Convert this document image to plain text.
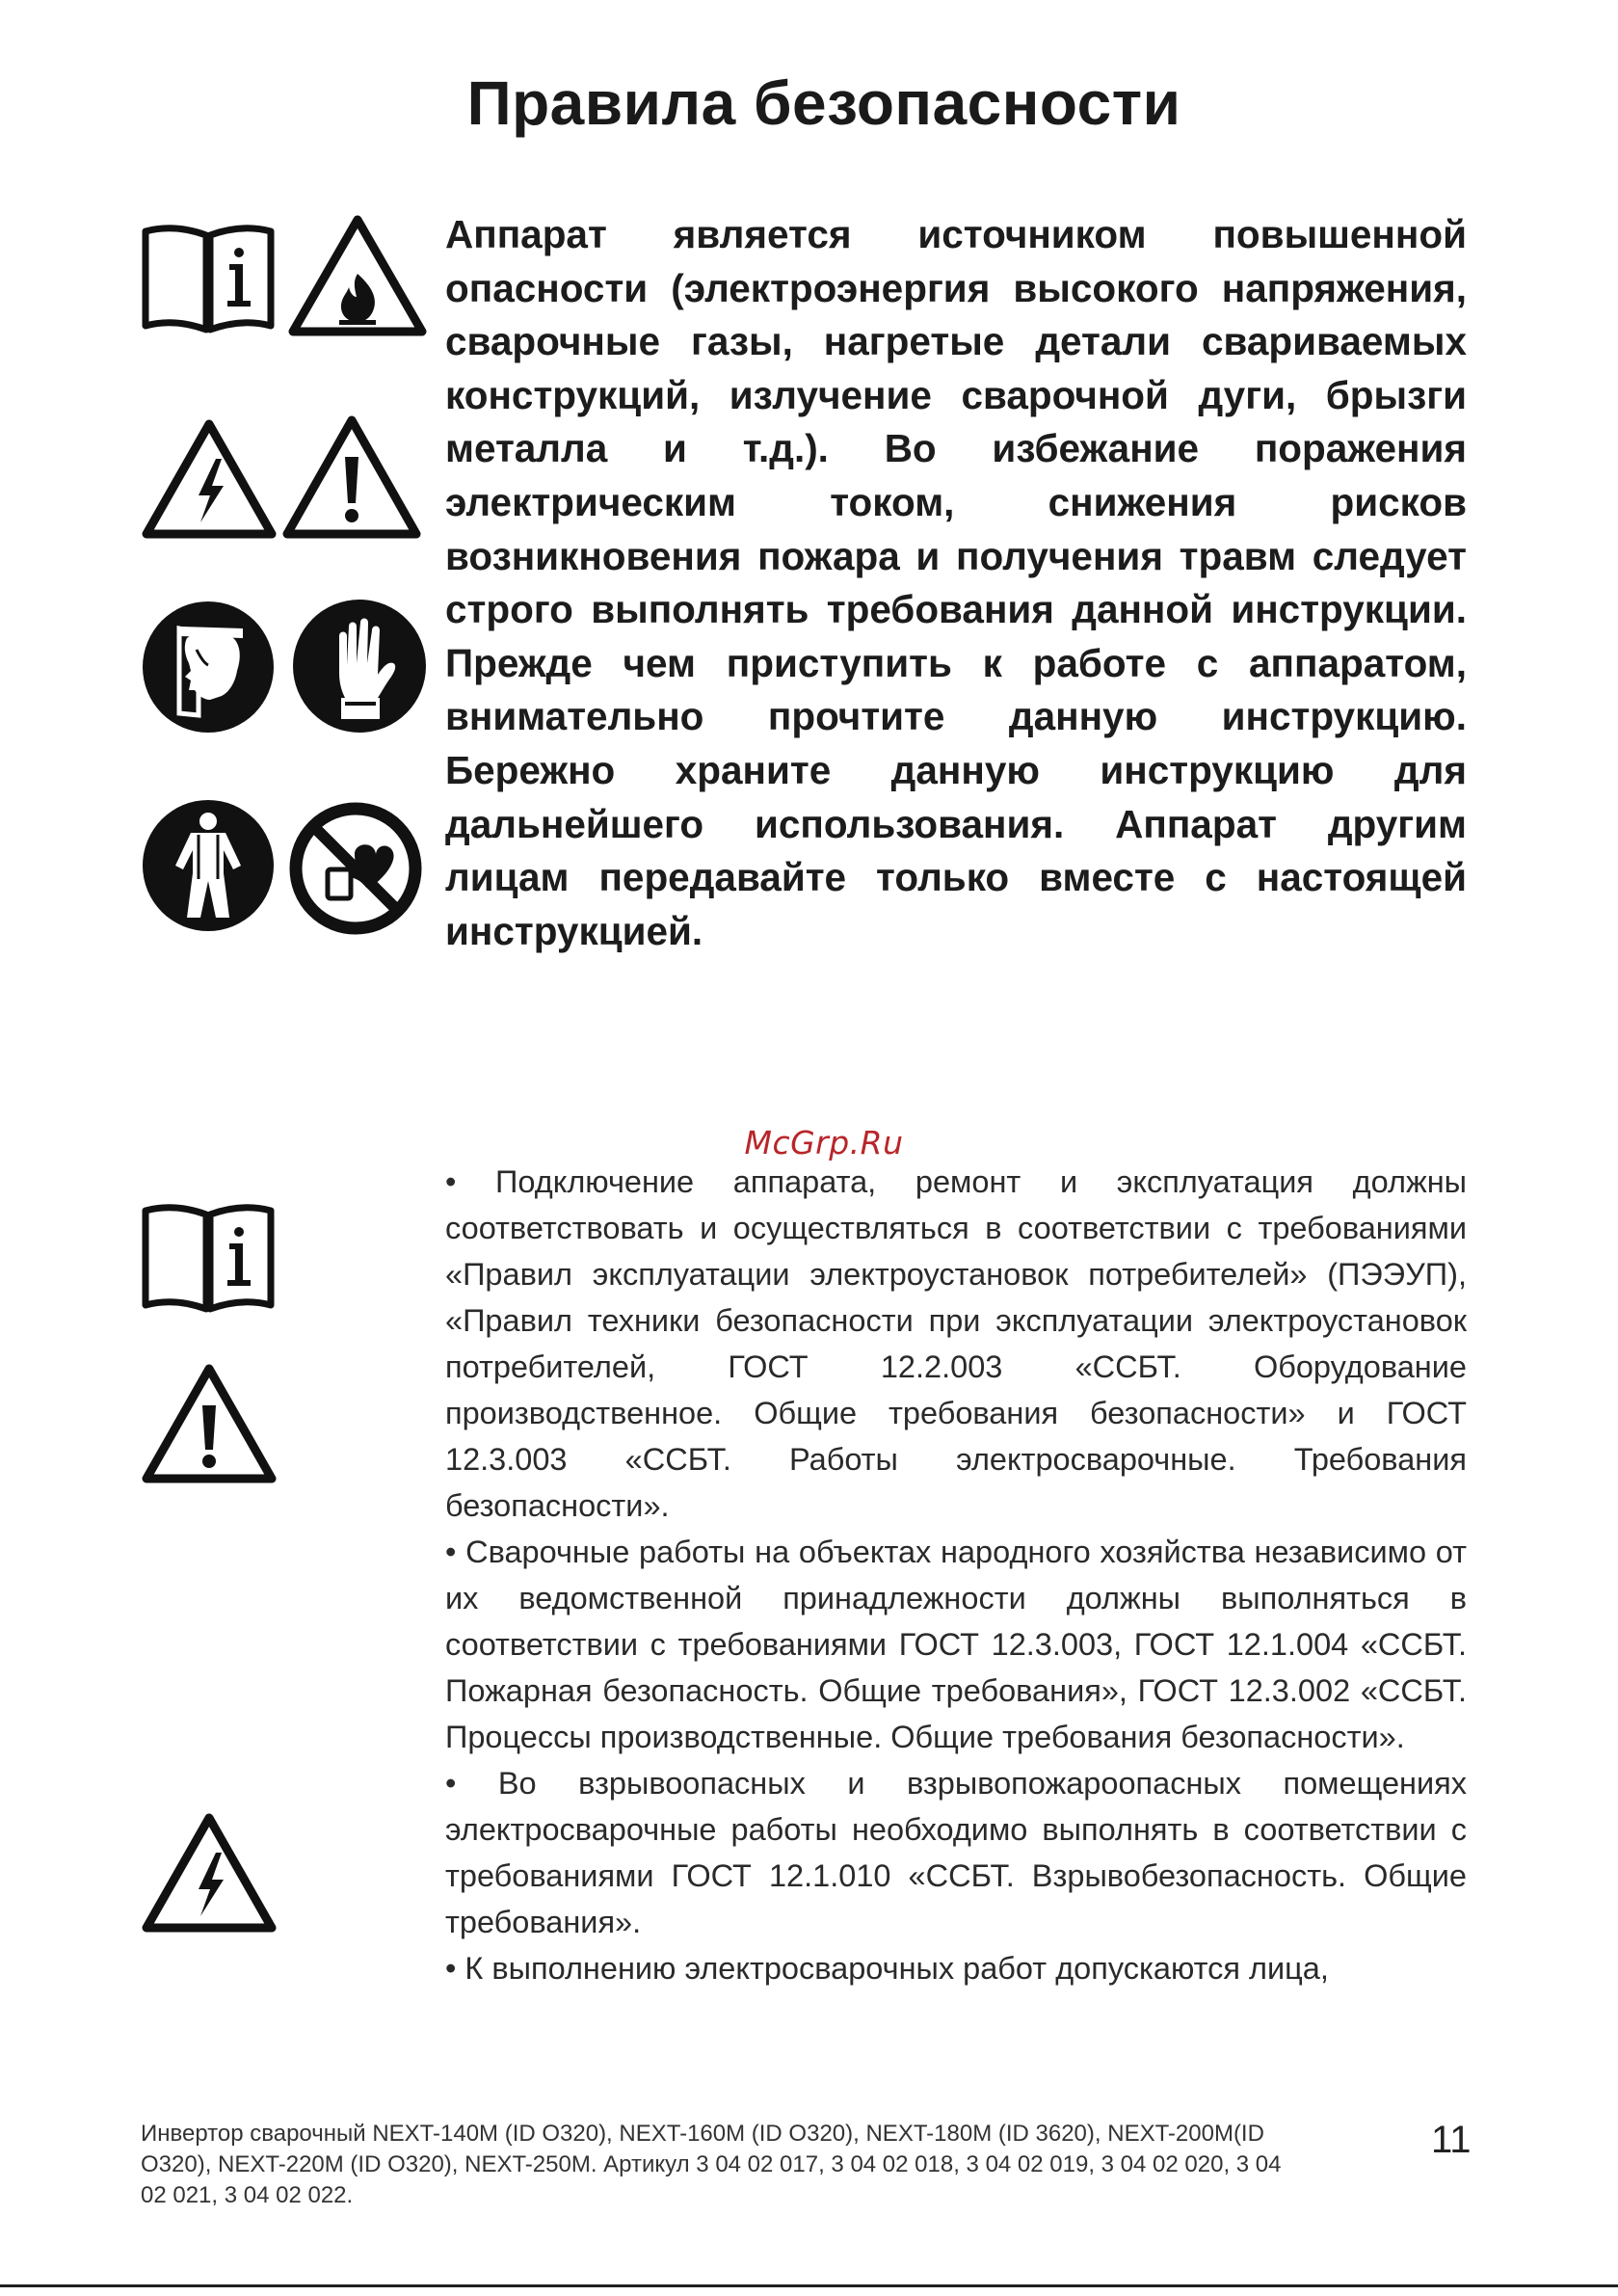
Правила безопасности

Аппарат является источником повышенной опасности (электроэнергия высокого напряжения, сварочные газы, нагретые детали свариваемых конструкций, излучение сварочной дуги, брызги металла и т.д.). Во избежание поражения электрическим током, снижения рисков возникновения пожара и получения травм следует строго выполнять требования данной инструкции. Прежде чем приступить к работе с аппаратом, внимательно прочтите данную инструкцию. Бережно храните данную инструкцию для дальнейшего использования. Аппарат другим лицам передавайте только вместе с настоящей инструкцией.

McGrp.Ru

• Подключение аппарата, ремонт и эксплуатация должны соответствовать и осуществляться в соответствии с требованиями «Правил эксплуатации электроустановок потребителей» (ПЭЭУП), «Правил техники безопасности при эксплуатации электроустановок потребителей, ГОСТ 12.2.003 «ССБТ. Оборудование производственное. Общие требования безопасности» и ГОСТ 12.3.003 «ССБТ. Работы электросварочные. Требования безопасности».

• Сварочные работы на объектах народного хозяйства независимо от их ведомственной принадлежности должны выполняться в соответствии с требованиями ГОСТ 12.3.003, ГОСТ 12.1.004 «ССБТ. Пожарная безопасность. Общие требования», ГОСТ 12.3.002 «ССБТ. Процессы производственные. Общие требования безопасности».

• Во взрывоопасных и взрывопожароопасных помещениях электросварочные работы необходимо выполнять в соответствии с требованиями ГОСТ 12.1.010 «ССБТ. Взрывобезопасность. Общие требования».

• К выполнению электросварочных работ допускаются лица,

Инвертор сварочный NEXT-140M (ID O320), NEXT-160M (ID O320), NEXT-180M (ID 3620), NEXT-200M(ID O320), NEXT-220M (ID O320), NEXT-250M. Артикул 3 04 02 017, 3 04 02 018, 3 04 02 019, 3 04 02 020, 3 04 02 021, 3 04 02 022.
11
